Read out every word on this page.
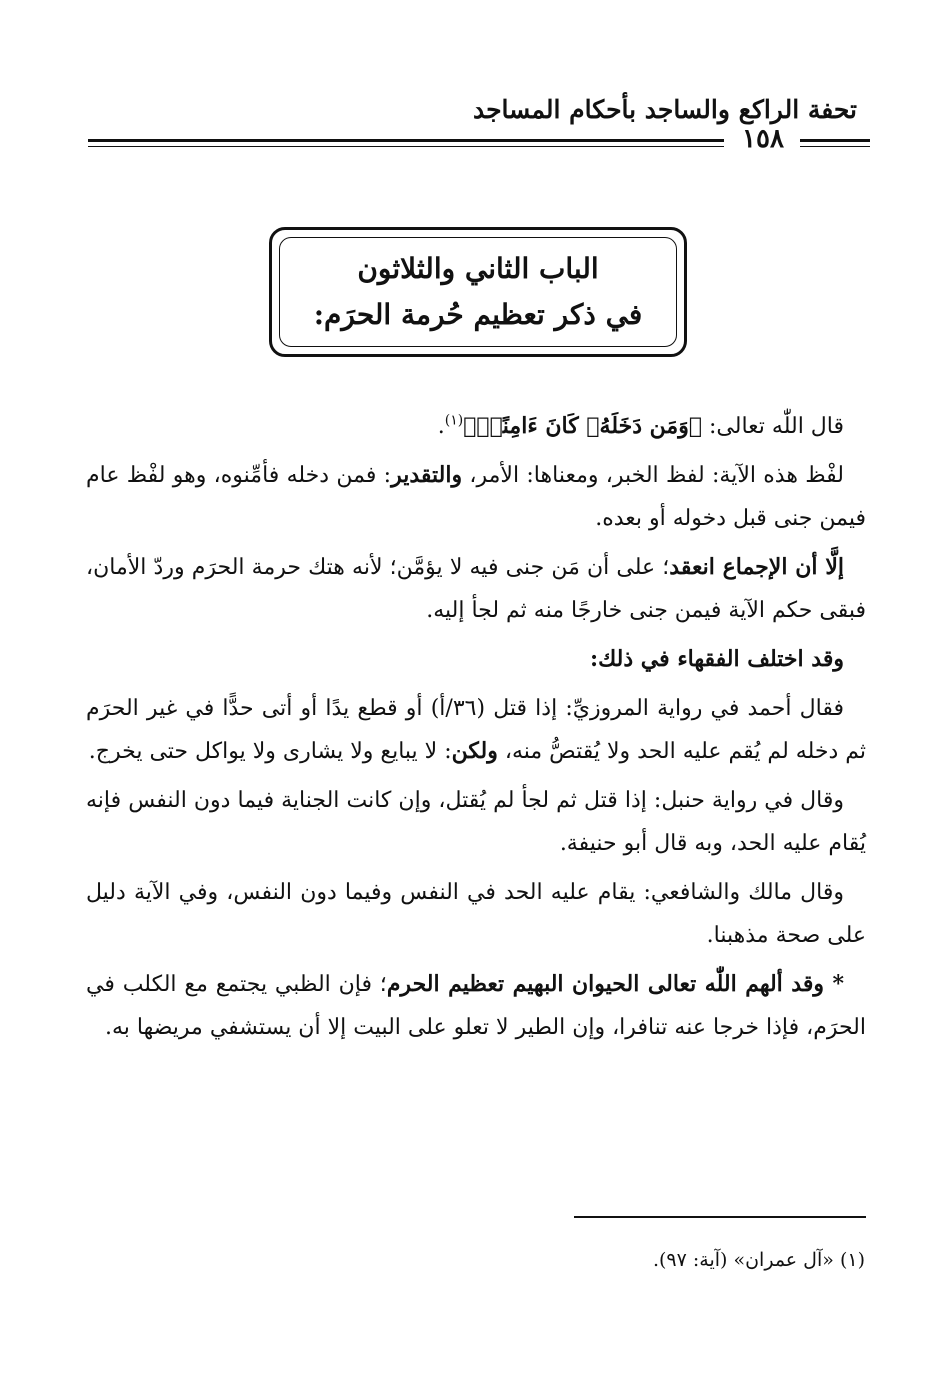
تحفة الراكع والساجد بأحكام المساجد
١٥٨
الباب الثاني والثلاثون
في ذكر تعظيم حُرمة الحرَم:

قال اللّٰه تعالى: ﴿وَمَن دَخَلَهُۥ كَانَ ءَامِنًاۗ﴾$^{(١)}$.

لفْظ هذه الآية: لفظ الخبر، ومعناها: الأمر، والتقدير: فمن دخله فأمِّنوه، وهو لفْظ عام فيمن جنى قبل دخوله أو بعده.

إلَّا أن الإجماع انعقد؛ على أن مَن جنى فيه لا يؤمَّن؛ لأنه هتك حرمة الحرَم وردّ الأمان، فبقى حكم الآية فيمن جنى خارجًا منه ثم لجأ إليه.

وقد اختلف الفقهاء في ذلك:

فقال أحمد في رواية المروزيِّ: إذا قتل (٣٦/أ) أو قطع يدًا أو أتى حدًّا في غير الحرَم ثم دخله لم يُقم عليه الحد ولا يُقتصُّ منه، ولكن: لا يبايع ولا يشارى ولا يواكل حتى يخرج.

وقال في رواية حنبل: إذا قتل ثم لجأ لم يُقتل، وإن كانت الجناية فيما دون النفس فإنه يُقام عليه الحد، وبه قال أبو حنيفة.

وقال مالك والشافعي: يقام عليه الحد في النفس وفيما دون النفس، وفي الآية دليل على صحة مذهبنا.

* وقد ألهم اللّٰه تعالى الحيوان البهيم تعظيم الحرم؛ فإن الظبي يجتمع مع الكلب في الحرَم، فإذا خرجا عنه تنافرا، وإن الطير لا تعلو على البيت إلا أن يستشفي مريضها به.

(١) «آل عمران» (آية: ٩٧).
